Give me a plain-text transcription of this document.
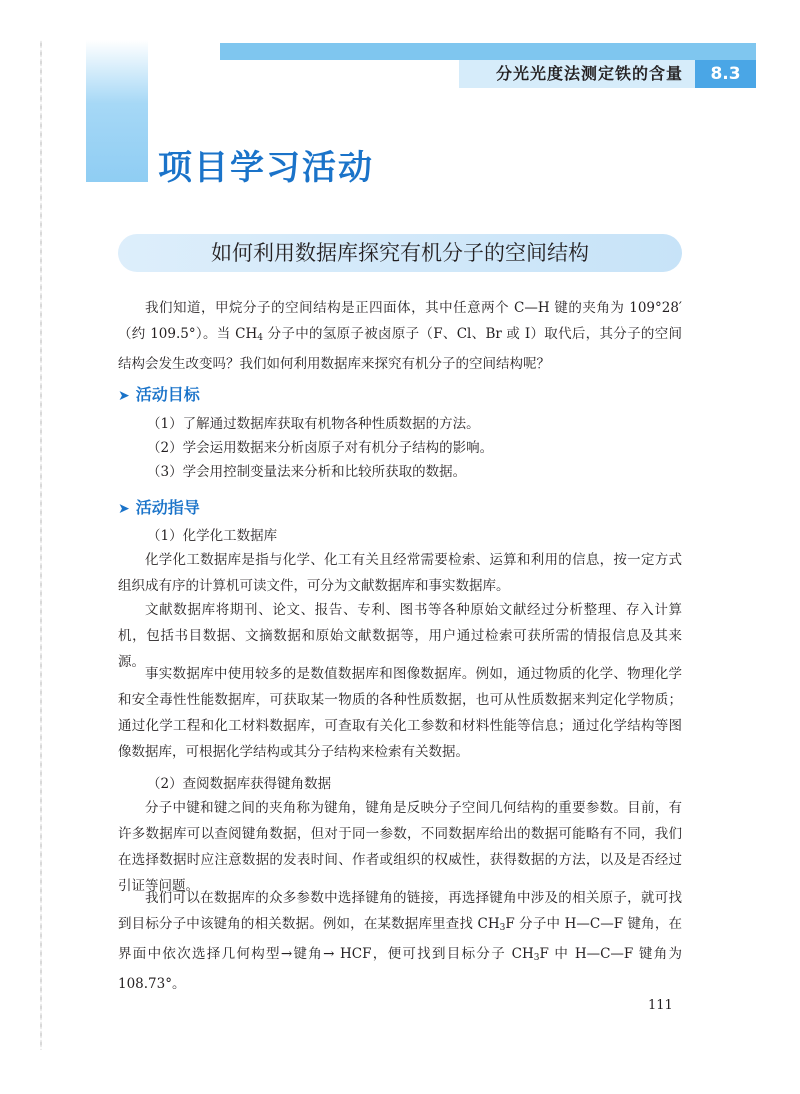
分光光度法测定铁的含量	8.3
项目学习活动
如何利用数据库探究有机分子的空间结构

我们知道，甲烷分子的空间结构是正四面体，其中任意两个 C—H 键的夹角为 109°28′（约 109.5°）。当 $CH_4$ 分子中的氢原子被卤原子（F、Cl、Br 或 I）取代后，其分子的空间结构会发生改变吗？我们如何利用数据库来探究有机分子的空间结构呢？

➤ 活动目标

（1）了解通过数据库获取有机物各种性质数据的方法。

（2）学会运用数据来分析卤原子对有机分子结构的影响。

（3）学会用控制变量法来分析和比较所获取的数据。

➤ 活动指导

（1）化学化工数据库

化学化工数据库是指与化学、化工有关且经常需要检索、运算和利用的信息，按一定方式组织成有序的计算机可读文件，可分为文献数据库和事实数据库。

文献数据库将期刊、论文、报告、专利、图书等各种原始文献经过分析整理、存入计算机，包括书目数据、文摘数据和原始文献数据等，用户通过检索可获所需的情报信息及其来源。

事实数据库中使用较多的是数值数据库和图像数据库。例如，通过物质的化学、物理化学和安全毒性性能数据库，可获取某一物质的各种性质数据，也可从性质数据来判定化学物质；通过化学工程和化工材料数据库，可查取有关化工参数和材料性能等信息；通过化学结构等图像数据库，可根据化学结构或其分子结构来检索有关数据。

（2）查阅数据库获得键角数据

分子中键和键之间的夹角称为键角，键角是反映分子空间几何结构的重要参数。目前，有许多数据库可以查阅键角数据，但对于同一参数，不同数据库给出的数据可能略有不同，我们在选择数据时应注意数据的发表时间、作者或组织的权威性，获得数据的方法，以及是否经过引证等问题。

我们可以在数据库的众多参数中选择键角的链接，再选择键角中涉及的相关原子，就可找到目标分子中该键角的相关数据。例如，在某数据库里查找 $CH_3F$ 分子中 H—C—F 键角，在界面中依次选择几何构型→键角→ HCF，便可找到目标分子 $CH_3F$ 中 H—C—F 键角为 108.73°。

111
